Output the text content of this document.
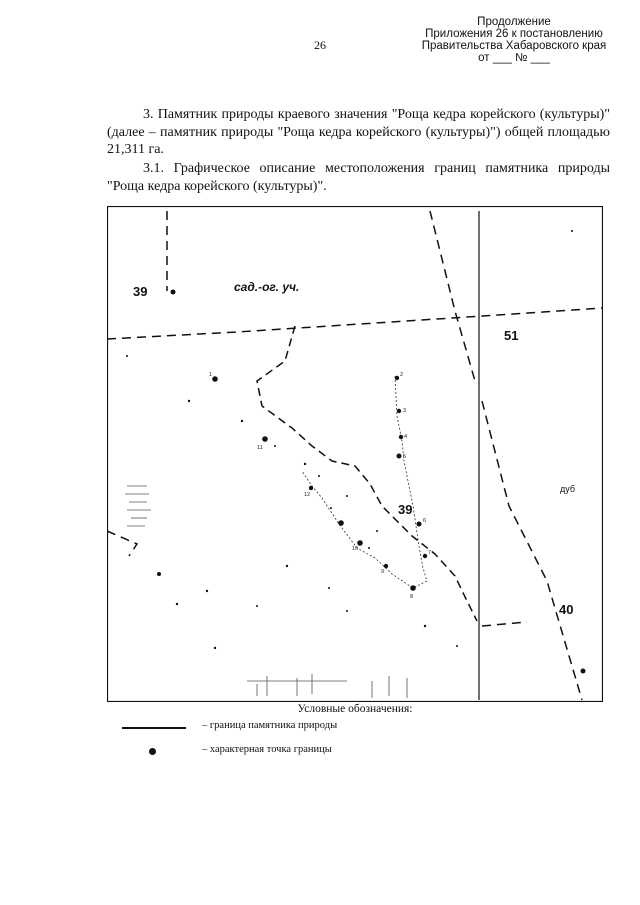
Продолжение
Приложения 26 к постановлению
Правительства Хабаровского края
от ___ № ___
26
3. Памятник природы краевого значения "Роща кедра корейского (культуры)" (далее – памятник природы "Роща кедра корейского (культуры)") общей площадью 21,311 га.
3.1. Графическое описание местоположения границ памятника природы "Роща кедра корейского (культуры)".
39	сад.-ог. уч.
51
39
дуб
40
1	2
3
4
5
6
7
8
9
10
11
12
Условные обозначения:
– граница памятника природы
– характерная точка границы
